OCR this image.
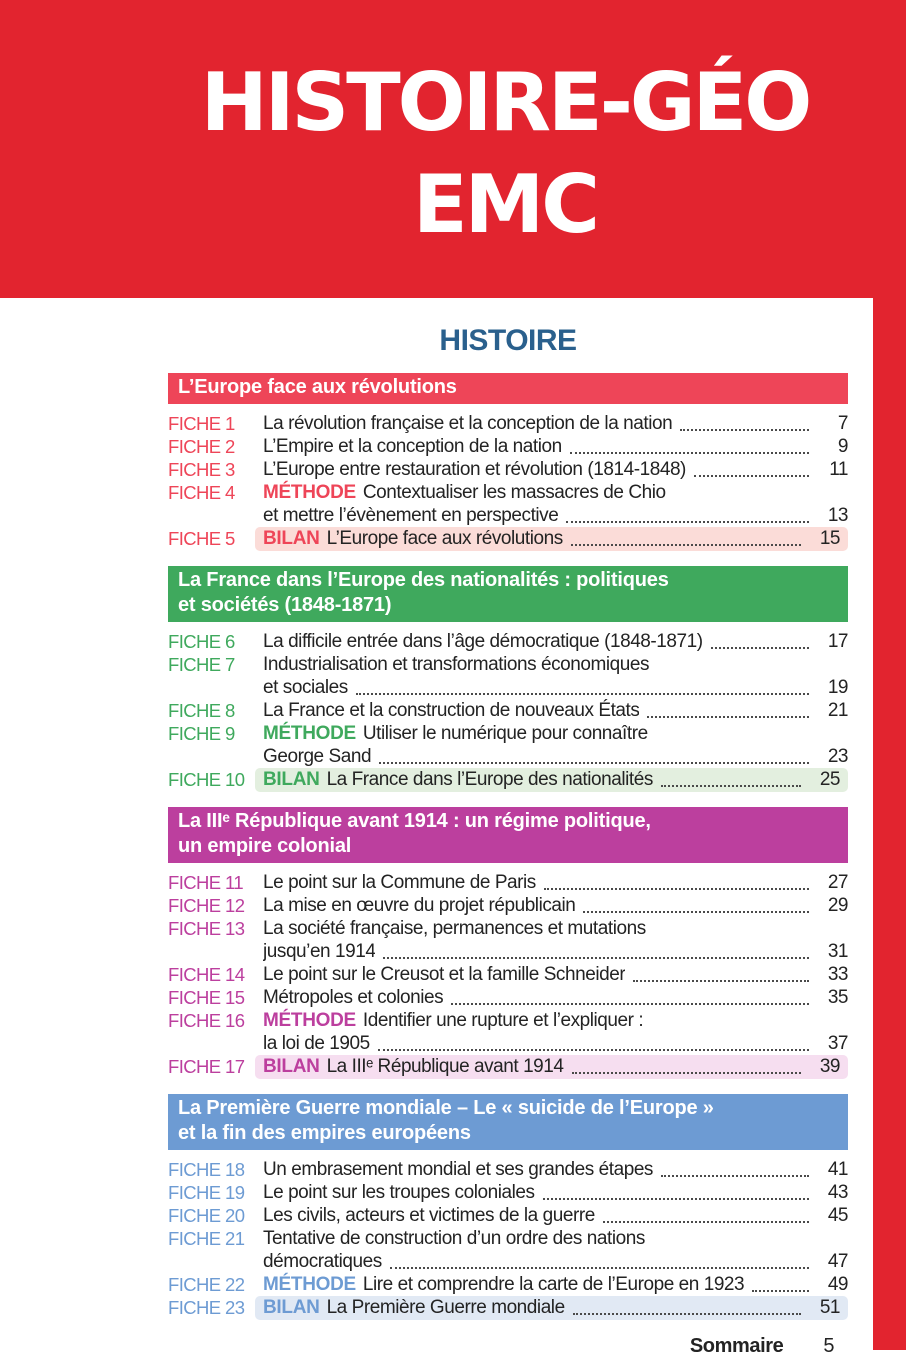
HISTOIRE-GÉO
EMC
HISTOIRE
L’Europe face aux révolutions
FICHE 1	La révolution française et la conception de la nation	7
FICHE 2	L’Empire et la conception de la nation	9
FICHE 3	L’Europe entre restauration et révolution (1814-1848)	11
FICHE 4	MÉTHODE Contextualiser les massacres de Chio
et mettre l’évènement en perspective	13
FICHE 5	BILAN L’Europe face aux révolutions	15
La France dans l’Europe des nationalités : politiques
et sociétés (1848-1871)
FICHE 6	La difficile entrée dans l’âge démocratique (1848-1871)	17
FICHE 7	Industrialisation et transformations économiques
et sociales	19
FICHE 8	La France et la construction de nouveaux États	21
FICHE 9	MÉTHODE Utiliser le numérique pour connaître
George Sand	23
FICHE 10 BILAN La France dans l’Europe des nationalités	25
La IIIᵉ République avant 1914 : un régime politique,
un empire colonial
FICHE 11	Le point sur la Commune de Paris	27
FICHE 12 La mise en œuvre du projet républicain	29
FICHE 13 La société française, permanences et mutations
jusqu’en 1914	31
FICHE 14 Le point sur le Creusot et la famille Schneider	33
FICHE 15 Métropoles et colonies	35
FICHE 16 MÉTHODE Identifier une rupture et l’expliquer :
la loi de 1905	37
FICHE 17 BILAN La IIIᵉ République avant 1914	39
La Première Guerre mondiale – Le « suicide de l’Europe »
et la fin des empires européens
FICHE 18 Un embrasement mondial et ses grandes étapes	41
FICHE 19 Le point sur les troupes coloniales	43
FICHE 20 Les civils, acteurs et victimes de la guerre	45
FICHE 21 Tentative de construction d’un ordre des nations
démocratiques	47
FICHE 22 MÉTHODE Lire et comprendre la carte de l’Europe en 1923	49
FICHE 23 BILAN La Première Guerre mondiale	51
Sommaire 5
